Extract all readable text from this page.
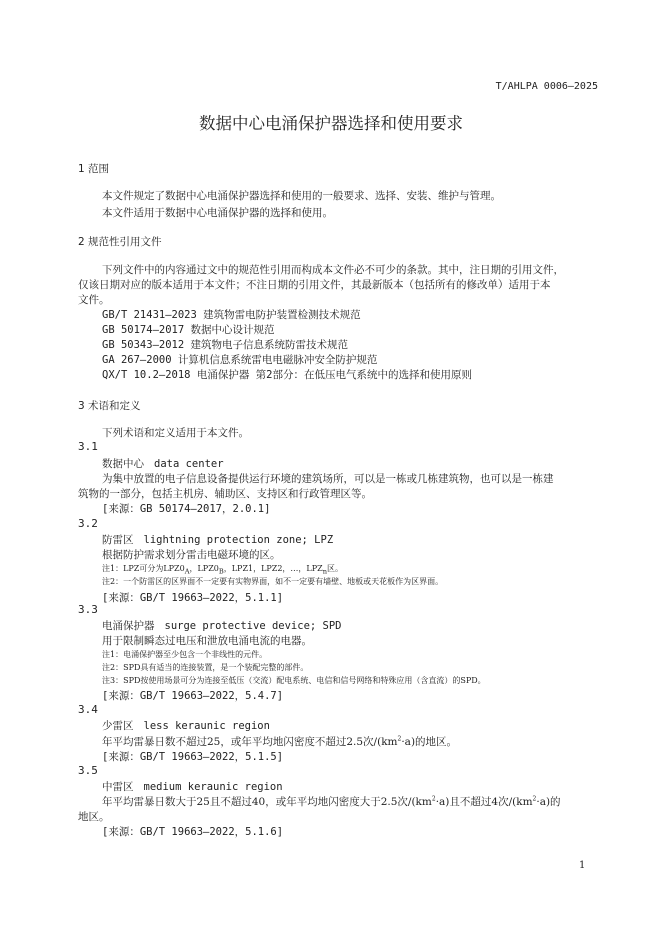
T/AHLPA 0006—2025
数据中心电涌保护器选择和使用要求
1 范围
本文件规定了数据中心电涌保护器选择和使用的一般要求、选择、安装、维护与管理。
本文件适用于数据中心电涌保护器的选择和使用。
2 规范性引用文件
下列文件中的内容通过文中的规范性引用而构成本文件必不可少的条款。其中，注日期的引用文件，
仅该日期对应的版本适用于本文件；不注日期的引用文件，其最新版本（包括所有的修改单）适用于本
文件。
GB/T 21431—2023 建筑物雷电防护装置检测技术规范
GB 50174—2017 数据中心设计规范
GB 50343—2012 建筑物电子信息系统防雷技术规范
GA 267—2000 计算机信息系统雷电电磁脉冲安全防护规范
QX/T 10.2—2018 电涌保护器 第2部分：在低压电气系统中的选择和使用原则
3 术语和定义
下列术语和定义适用于本文件。
3.1
数据中心 data center
为集中放置的电子信息设备提供运行环境的建筑场所，可以是一栋或几栋建筑物，也可以是一栋建
筑物的一部分，包括主机房、辅助区、支持区和行政管理区等。
[来源：GB 50174—2017，2.0.1]
3.2
防雷区 lightning protection zone; LPZ
根据防护需求划分雷击电磁环境的区。
注1：LPZ可分为$LPZ0_A$，$LPZ0_B$，LPZ1，LPZ2，…，$LPZ_n$区。
注2：一个防雷区的区界面不一定要有实物界面，如不一定要有墙壁、地板或天花板作为区界面。
[来源：GB/T 19663—2022，5.1.1]
3.3
电涌保护器 surge protective device; SPD
用于限制瞬态过电压和泄放电涌电流的电器。
注1：电涌保护器至少包含一个非线性的元件。
注2：SPD具有适当的连接装置，是一个装配完整的部件。
注3：SPD按使用场景可分为连接至低压（交流）配电系统、电信和信号网络和特殊应用（含直流）的SPD。
[来源：GB/T 19663—2022，5.4.7]
3.4
少雷区 less keraunic region
年平均雷暴日数不超过25，或年平均地闪密度不超过2.5次$/(km^2\cdot a)$的地区。
[来源：GB/T 19663—2022，5.1.5]
3.5
中雷区 medium keraunic region
年平均雷暴日数大于25且不超过40，或年平均地闪密度大于2.5次$/(km^2\cdot a)$且不超过4次$/(km^2\cdot a)$的
地区。
[来源：GB/T 19663—2022，5.1.6]
1
